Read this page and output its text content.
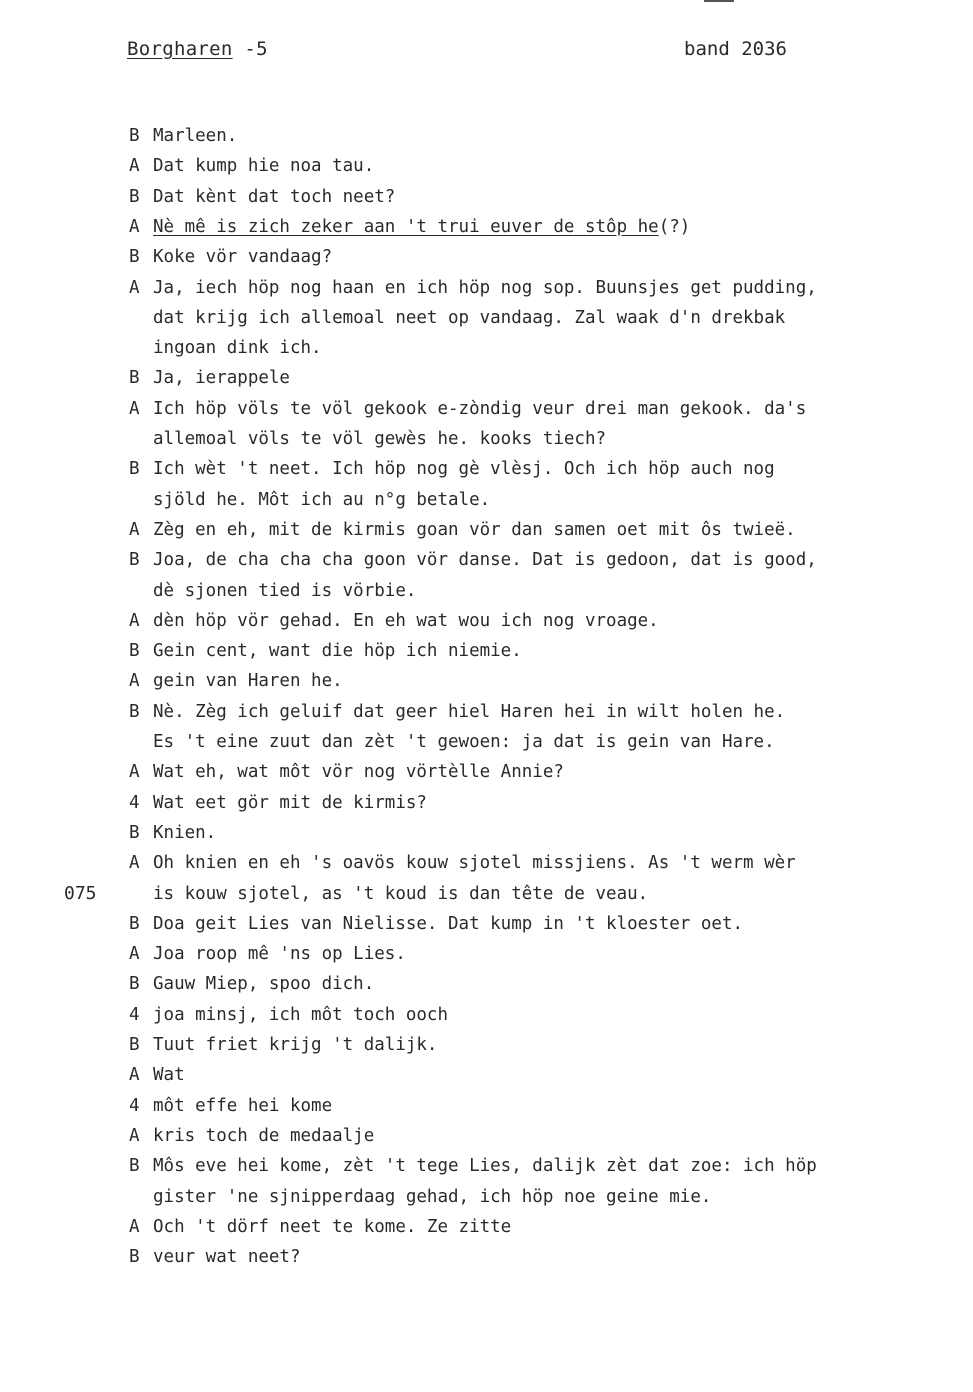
Borgharen -5	band 2036
B Marleen.
A Dat kump hie noa tau.
B Dat kènt dat toch neet?
A Nè mê is zich zeker aan 't trui euver de stôp he(?)
B Koke vör vandaag?
A Ja, iech höp nog haan en ich höp nog sop. Buunsjes get pudding,
dat krijg ich allemoal neet op vandaag. Zal waak d'n drekbak
ingoan dink ich.
B Ja, ierappele
A Ich höp völs te völ gekook e-zòndig veur drei man gekook. da's
allemoal völs te völ gewès he. kooks tiech?
B Ich wèt 't neet. Ich höp nog gè vlèsj. Och ich höp auch nog
sjöld he. Môt ich au n°g betale.
A Zèg en eh, mit de kirmis goan vör dan samen oet mit ôs twieë.
B Joa, de cha cha cha goon vör danse. Dat is gedoon, dat is good,
dè sjonen tied is vörbie.
A dèn höp vör gehad. En eh wat wou ich nog vroage.
B Gein cent, want die höp ich niemie.
A gein van Haren he.
B Nè. Zèg ich geluif dat geer hiel Haren hei in wilt holen he.
Es 't eine zuut dan zèt 't gewoen: ja dat is gein van Hare.
A Wat eh, wat môt vör nog vörtèlle Annie?
4 Wat eet gör mit de kirmis?
B Knien.
A Oh knien en eh 's oavös kouw sjotel missjiens. As 't werm wèr
is kouw sjotel, as 't koud is dan tête de veau.
075
B Doa geit Lies van Nielisse. Dat kump in 't kloester oet.
A Joa roop mê 'ns op Lies.
B Gauw Miep, spoo dich.
4 joa minsj, ich môt toch ooch
B Tuut friet krijg 't dalijk.
A Wat
4 môt effe hei kome
A kris toch de medaalje
B Môs eve hei kome, zèt 't tege Lies, dalijk zèt dat zoe: ich höp
gister 'ne sjnipperdaag gehad, ich höp noe geine mie.
A Och 't dörf neet te kome. Ze zitte
B veur wat neet?
